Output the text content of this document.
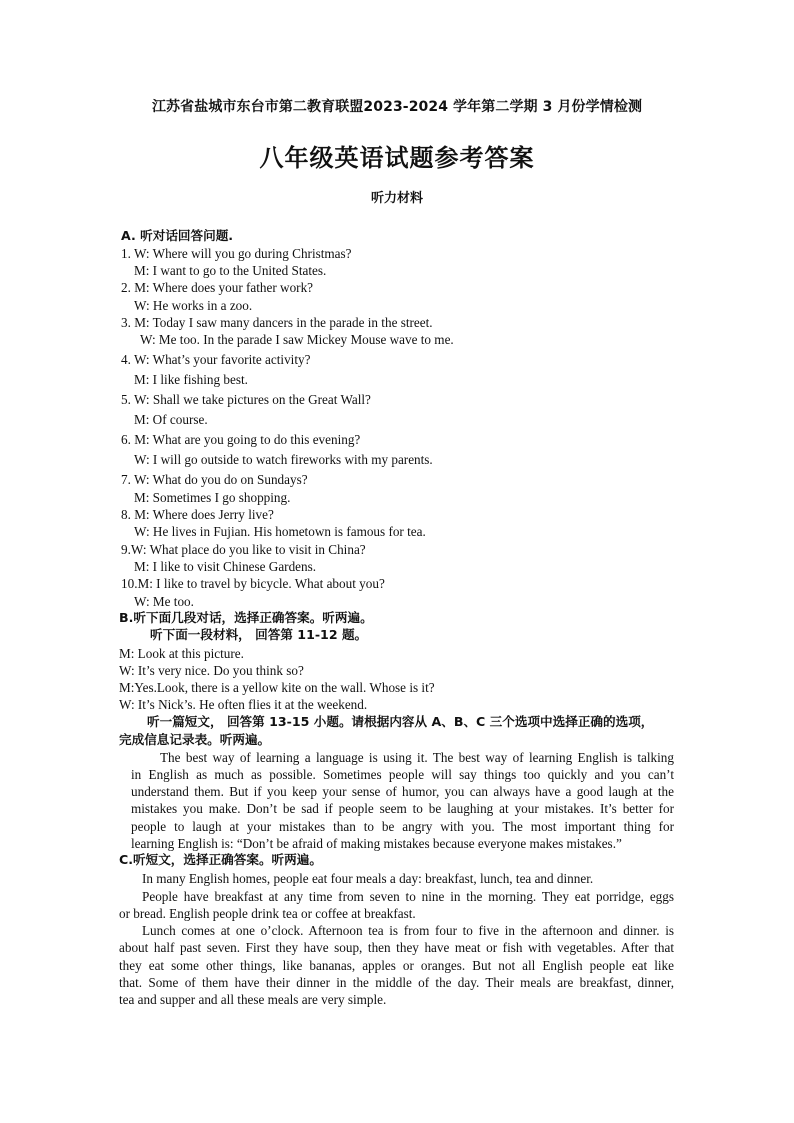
江苏省盐城市东台市第二教育联盟2023-2024 学年第二学期 3 月份学情检测
八年级英语试题参考答案
听力材料
A. 听对话回答问题.
1. W: Where will you go during Christmas?
M: I want to go to the United States.
2. M: Where does your father work?
W: He works in a zoo.
3. M: Today I saw many dancers in the parade in the street.
W: Me too. In the parade I saw Mickey Mouse wave to me.
4. W: What’s your favorite activity?
M: I like fishing best.
5. W: Shall we take pictures on the Great Wall?
M: Of course.
6. M: What are you going to do this evening?
W: I will go outside to watch fireworks with my parents.
7. W: What do you do on Sundays?
M: Sometimes I go shopping.
8. M: Where does Jerry live?
W: He lives in Fujian. His hometown is famous for tea.
9.W: What place do you like to visit in China?
M: I like to visit Chinese Gardens.
10.M: I like to travel by bicycle. What about you?
W: Me too.
B.听下面几段对话，选择正确答案。听两遍。
听下面一段材料， 回答第 11-12 题。
M: Look at this picture.
W: It’s very nice. Do you think so?
M:Yes.Look, there is a yellow kite on the wall. Whose is it?
W: It’s Nick’s. He often flies it at the weekend.
听一篇短文， 回答第 13-15 小题。请根据内容从 A、B、C 三个选项中选择正确的选项，
完成信息记录表。听两遍。
The best way of learning a language is using it. The best way of learning English is talking
in English as much as possible. Sometimes people will say things too quickly and you can’t
understand them. But if you keep your sense of humor, you can always have a good laugh at the
mistakes you make. Don’t be sad if people seem to be laughing at your mistakes. It’s better for
people to laugh at your mistakes than to be angry with you. The most important thing for
learning English is: “Don’t be afraid of making mistakes because everyone makes mistakes.”
C.听短文，选择正确答案。听两遍。
In many English homes, people eat four meals a day: breakfast, lunch, tea and dinner.
People have breakfast at any time from seven to nine in the morning. They eat porridge, eggs
or bread. English people drink tea or coffee at breakfast.
Lunch comes at one o’clock. Afternoon tea is from four to five in the afternoon and dinner. is
about half past seven. First they have soup, then they have meat or fish with vegetables. After that
they eat some other things, like bananas, apples or oranges. But not all English people eat like
that. Some of them have their dinner in the middle of the day. Their meals are breakfast, dinner,
tea and supper and all these meals are very simple.
